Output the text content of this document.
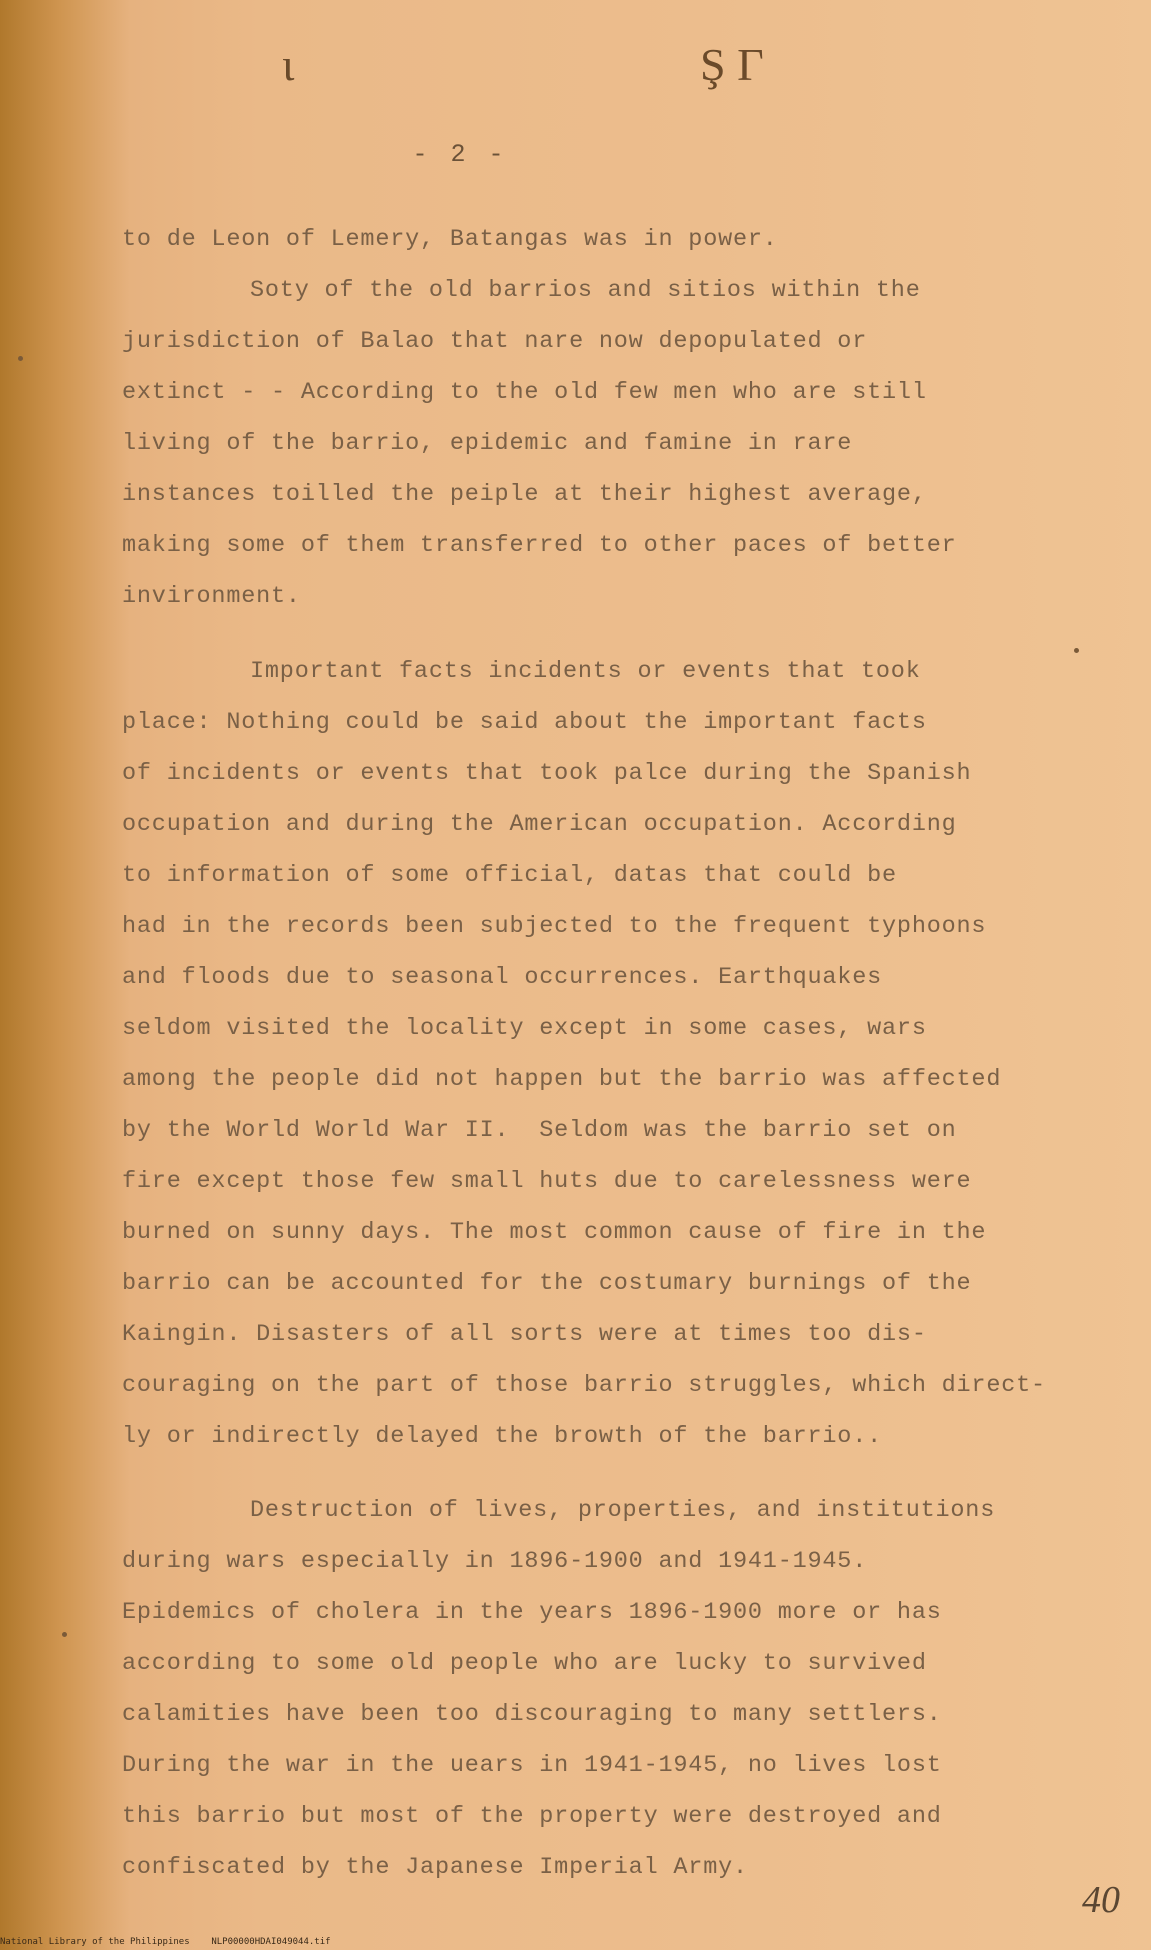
ι	Ş Γ
- 2 -
to de Leon of Lemery, Batangas was in power.
Soty of the old barrios and sitios within the
jurisdiction of Balao that nare now depopulated or
extinct - - According to the old few men who are still
living of the barrio, epidemic and famine in rare
instances toilled the peiple at their highest average,
making some of them transferred to other paces of better
invironment.
Important facts incidents or events that took
place: Nothing could be said about the important facts
of incidents or events that took palce during the Spanish
occupation and during the American occupation. According
to information of some official, datas that could be
had in the records been subjected to the frequent typhoons
and floods due to seasonal occurrences. Earthquakes
seldom visited the locality except in some cases, wars
among the people did not happen but the barrio was affected
by the World World War II.  Seldom was the barrio set on
fire except those few small huts due to carelessness were
burned on sunny days. The most common cause of fire in the
barrio can be accounted for the costumary burnings of the
Kaingin. Disasters of all sorts were at times too dis-
couraging on the part of those barrio struggles, which direct-
ly or indirectly delayed the browth of the barrio..
Destruction of lives, properties, and institutions
during wars especially in 1896-1900 and 1941-1945.
Epidemics of cholera in the years 1896-1900 more or has
according to some old people who are lucky to survived
calamities have been too discouraging to many settlers.
During the war in the uears in 1941-1945, no lives lost
this barrio but most of the property were destroyed and
confiscated by the Japanese Imperial Army.
40
National Library of the Philippines NLP00000HDAI049044.tif
